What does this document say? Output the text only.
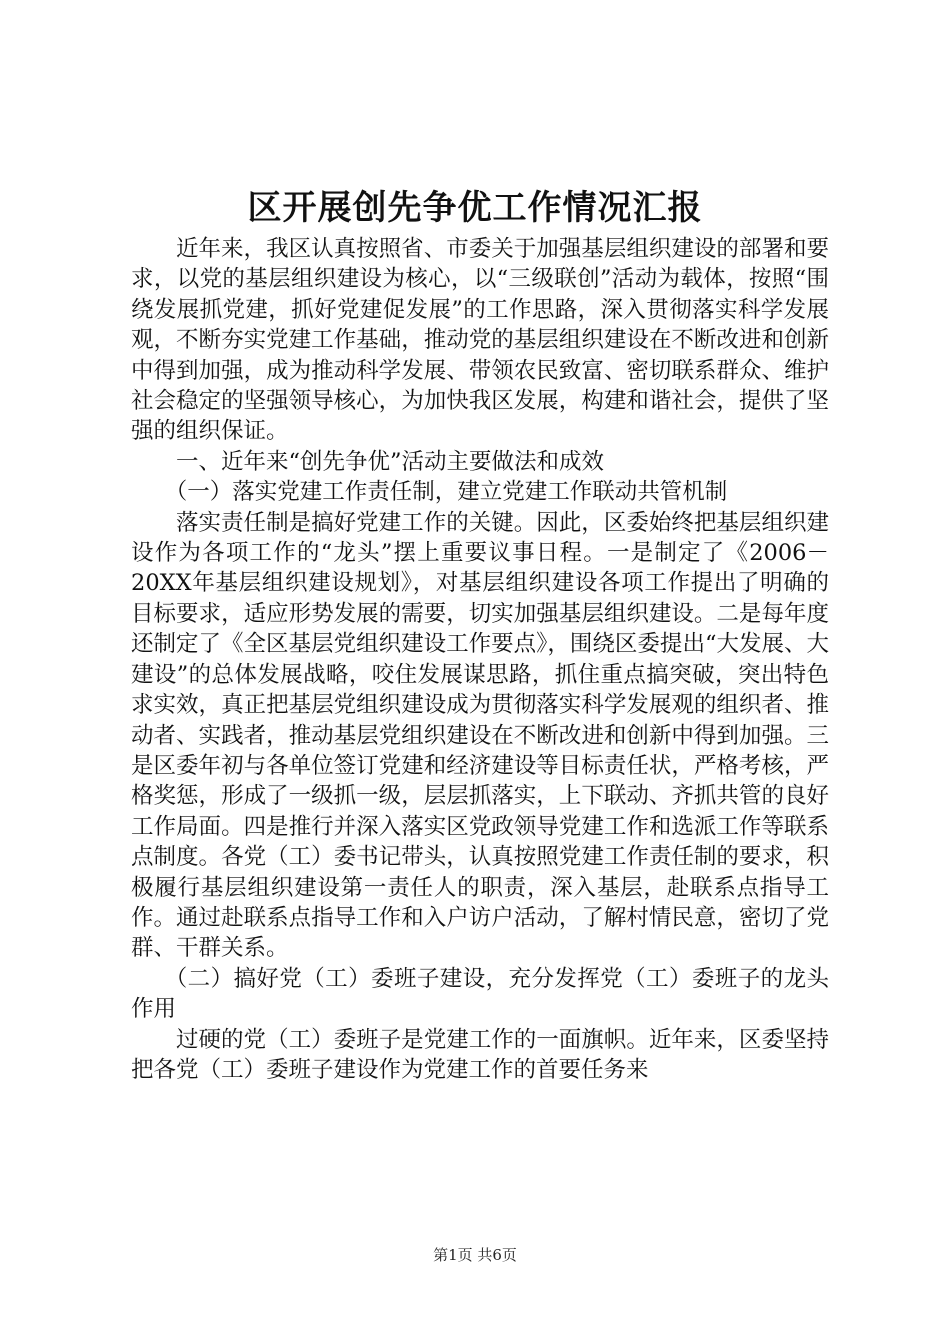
区开展创先争优工作情况汇报

近年来，我区认真按照省、市委关于加强基层组织建设的部署和要求，以党的基层组织建设为核心，以“三级联创”活动为载体，按照“围绕发展抓党建，抓好党建促发展”的工作思路，深入贯彻落实科学发展观，不断夯实党建工作基础，推动党的基层组织建设在不断改进和创新中得到加强，成为推动科学发展、带领农民致富、密切联系群众、维护社会稳定的坚强领导核心，为加快我区发展，构建和谐社会，提供了坚强的组织保证。

一、近年来“创先争优”活动主要做法和成效

（一）落实党建工作责任制，建立党建工作联动共管机制

落实责任制是搞好党建工作的关键。因此，区委始终把基层组织建设作为各项工作的“龙头”摆上重要议事日程。一是制定了《2006－20XX年基层组织建设规划》，对基层组织建设各项工作提出了明确的目标要求，适应形势发展的需要，切实加强基层组织建设。二是每年度还制定了《全区基层党组织建设工作要点》，围绕区委提出“大发展、大建设”的总体发展战略，咬住发展谋思路，抓住重点搞突破，突出特色求实效，真正把基层党组织建设成为贯彻落实科学发展观的组织者、推动者、实践者，推动基层党组织建设在不断改进和创新中得到加强。三是区委年初与各单位签订党建和经济建设等目标责任状，严格考核，严格奖惩，形成了一级抓一级，层层抓落实，上下联动、齐抓共管的良好工作局面。四是推行并深入落实区党政领导党建工作和选派工作等联系点制度。各党（工）委书记带头，认真按照党建工作责任制的要求，积极履行基层组织建设第一责任人的职责，深入基层，赴联系点指导工作。通过赴联系点指导工作和入户访户活动，了解村情民意，密切了党群、干群关系。

（二）搞好党（工）委班子建设，充分发挥党（工）委班子的龙头作用

过硬的党（工）委班子是党建工作的一面旗帜。近年来，区委坚持把各党（工）委班子建设作为党建工作的首要任务来

第1页 共6页
